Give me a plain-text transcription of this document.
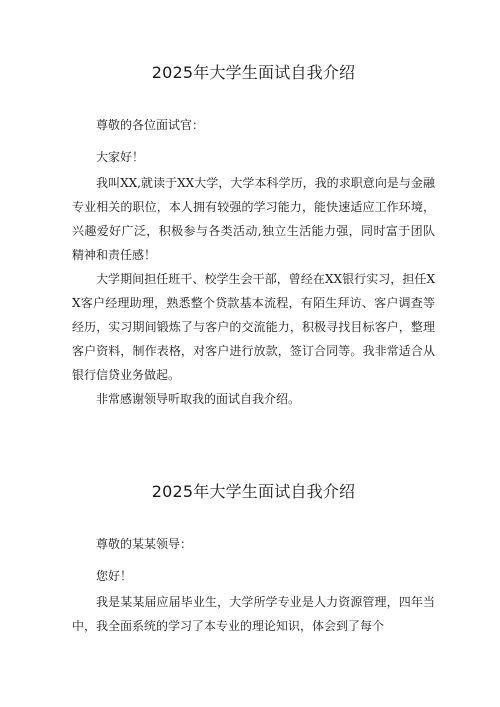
2025年大学生面试自我介绍

尊敬的各位面试官：

大家好！

我叫XX,就读于XX大学，大学本科学历，我的求职意向是与金融专业相关的职位，本人拥有较强的学习能力，能快速适应工作环境，兴趣爱好广泛，积极参与各类活动,独立生活能力强，同时富于团队精神和责任感！

大学期间担任班干、校学生会干部，曾经在XX银行实习，担任XX客户经理助理，熟悉整个贷款基本流程，有陌生拜访、客户调查等经历，实习期间锻炼了与客户的交流能力，积极寻找目标客户，整理客户资料，制作表格，对客户进行放款，签订合同等。我非常适合从银行信贷业务做起。

非常感谢领导听取我的面试自我介绍。

2025年大学生面试自我介绍

尊敬的某某领导：

您好！

我是某某届应届毕业生，大学所学专业是人力资源管理，四年当中，我全面系统的学习了本专业的理论知识，体会到了每个
